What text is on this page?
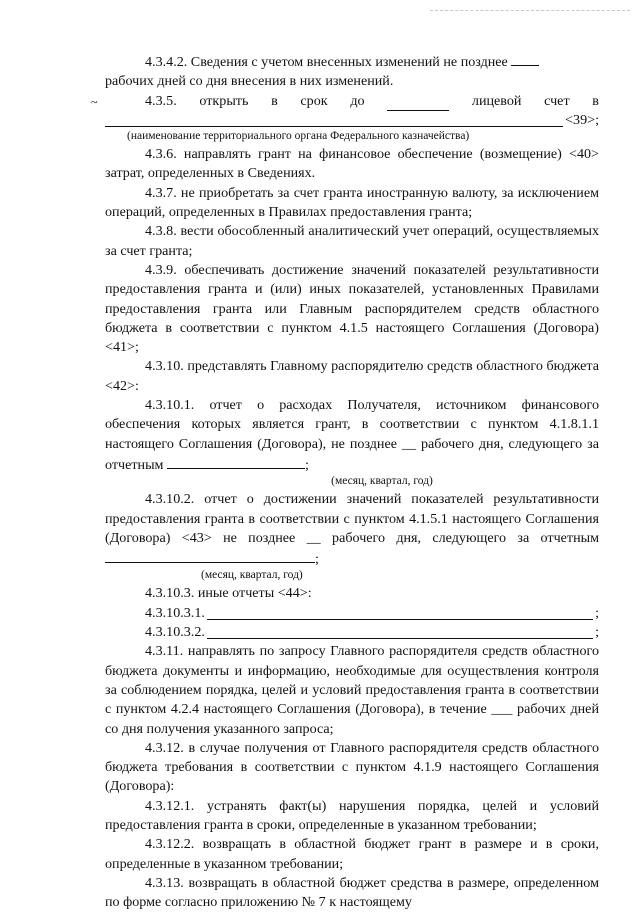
4.3.4.2. Сведения с учетом внесенных изменений не позднее
рабочих дней со дня внесения в них изменений.

~	4.3.5. открыть в срок до	лицевой счет в
<39>;
(наименование территориального органа Федерального казначейства)

4.3.6. направлять грант на финансовое обеспечение (возмещение) <40> затрат, определенных в Сведениях.

4.3.7. не приобретать за счет гранта иностранную валюту, за исключением операций, определенных в Правилах предоставления гранта;

4.3.8. вести обособленный аналитический учет операций, осуществляемых за счет гранта;

4.3.9. обеспечивать достижение значений показателей результативности предоставления гранта и (или) иных показателей, установленных Правилами предоставления гранта или Главным распорядителем средств областного бюджета в соответствии с пунктом 4.1.5 настоящего Соглашения (Договора) <41>;

4.3.10. представлять Главному распорядителю средств областного бюджета <42>:

4.3.10.1. отчет о расходах Получателя, источником финансового обеспечения которых является грант, в соответствии с пунктом 4.1.8.1.1 настоящего Соглашения (Договора), не позднее __ рабочего дня, следующего за отчетным	;

(месяц, квартал, год)

4.3.10.2. отчет о достижении значений показателей результативности предоставления гранта в соответствии с пунктом 4.1.5.1 настоящего Соглашения (Договора) <43> не позднее __ рабочего дня, следующего за отчетным ;

(месяц, квартал, год)

4.3.10.3. иные отчеты <44>:

4.3.10.3.1.	;
4.3.10.3.2.	;

4.3.11. направлять по запросу Главного распорядителя средств областного бюджета документы и информацию, необходимые для осуществления контроля за соблюдением порядка, целей и условий предоставления гранта в соответствии с пунктом 4.2.4 настоящего Соглашения (Договора), в течение ___ рабочих дней со дня получения указанного запроса;

4.3.12. в случае получения от Главного распорядителя средств областного бюджета требования в соответствии с пунктом 4.1.9 настоящего Соглашения (Договора):

4.3.12.1. устранять факт(ы) нарушения порядка, целей и условий предоставления гранта в сроки, определенные в указанном требовании;

4.3.12.2. возвращать в областной бюджет грант в размере и в сроки, определенные в указанном требовании;

4.3.13. возвращать в областной бюджет средства в размере, определенном по форме согласно приложению № 7 к настоящему
